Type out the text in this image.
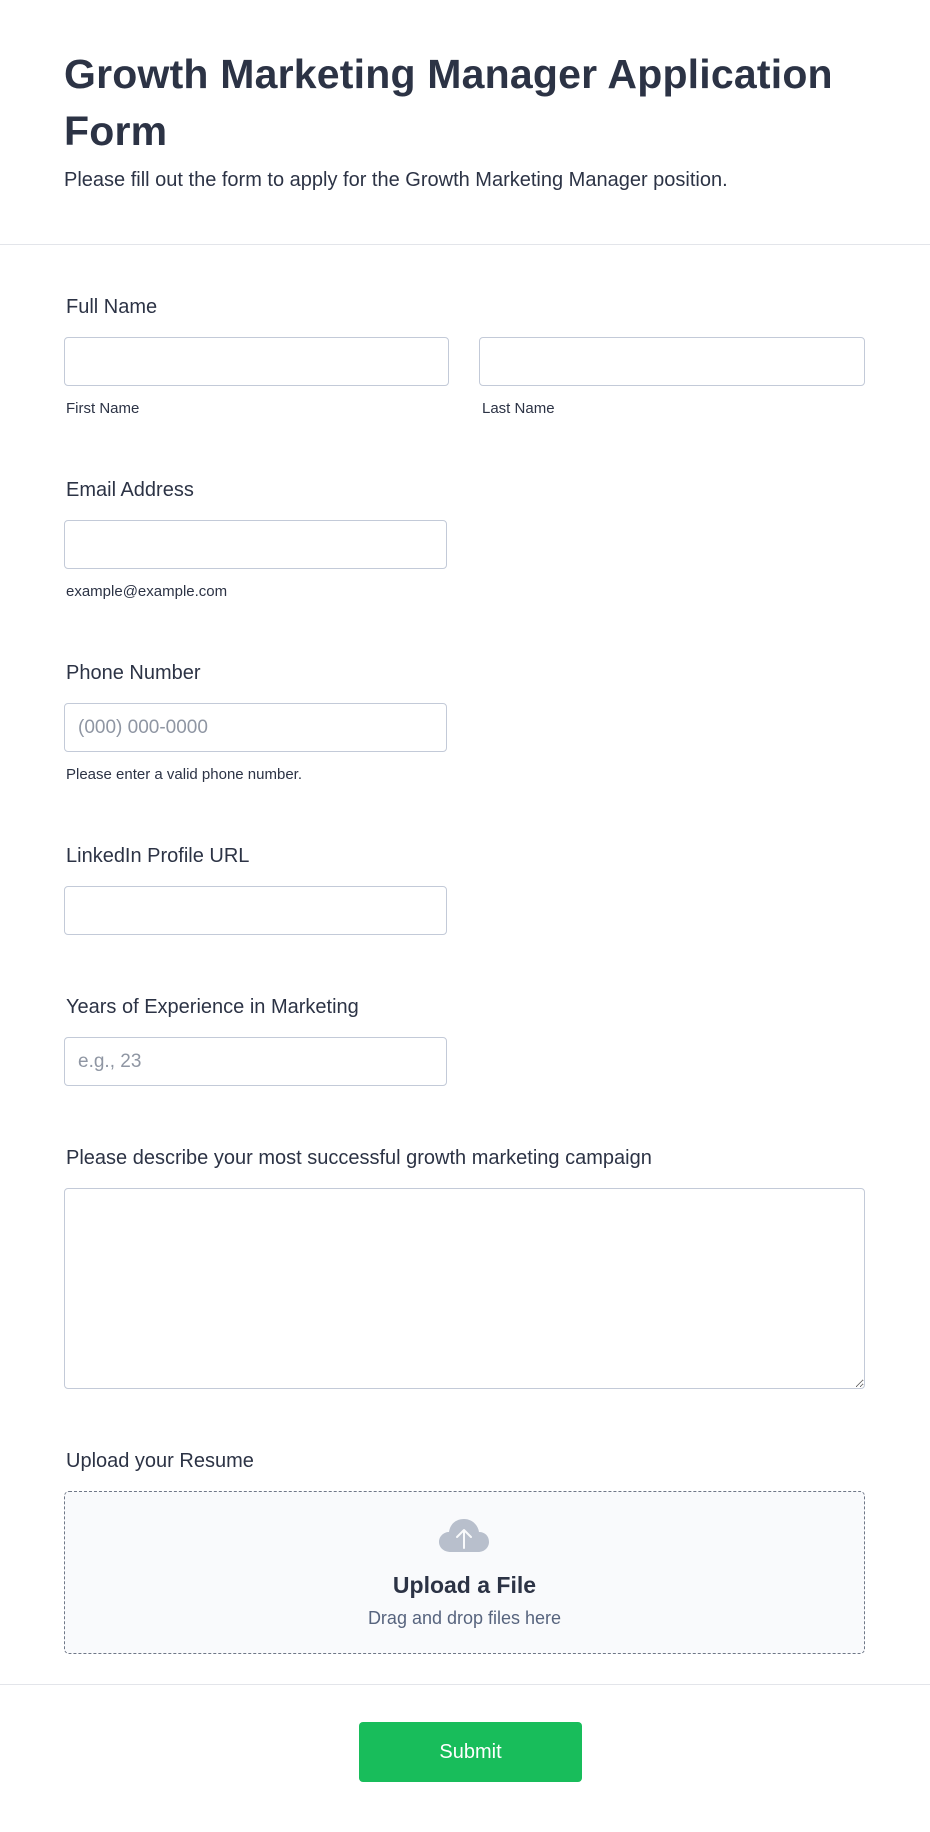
Growth Marketing Manager Application Form

Please fill out the form to apply for the Growth Marketing Manager position.

Full Name
First Name	Last Name
Email Address
example@example.com
Phone Number
(000) 000-0000
Please enter a valid phone number.
LinkedIn Profile URL
Years of Experience in Marketing
e.g., 23
Please describe your most successful growth marketing campaign
Upload your Resume
Upload a File
Drag and drop files here
Submit
